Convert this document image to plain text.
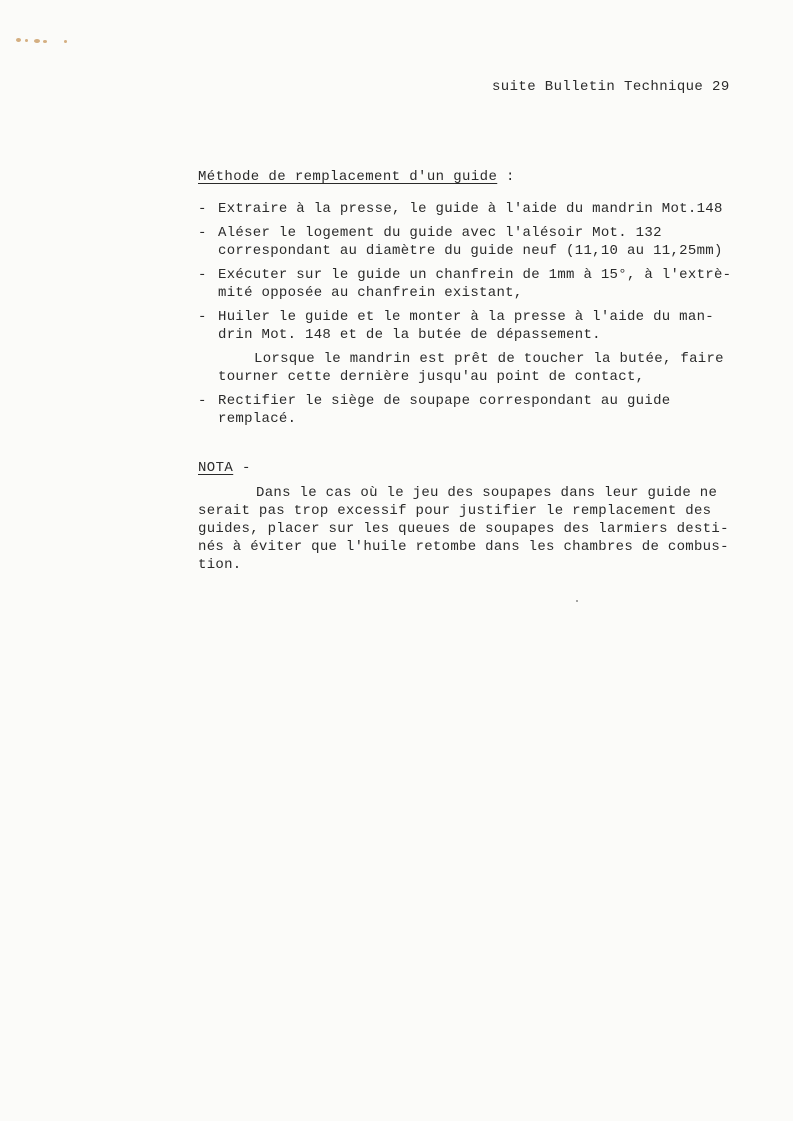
suite Bulletin Technique 29
Méthode de remplacement d'un guide :
- Extraire à la presse, le guide à l'aide du mandrin Mot.148
- Aléser le logement du guide avec l'alésoir Mot. 132
correspondant au diamètre du guide neuf (11,10 au 11,25mm)
- Exécuter sur le guide un chanfrein de 1mm à 15°, à l'extrè-
mité opposée au chanfrein existant,
- Huiler le guide et le monter à la presse à l'aide du man-
drin Mot. 148 et de la butée de dépassement.
Lorsque le mandrin est prêt de toucher la butée, faire
tourner cette dernière jusqu'au point de contact,
- Rectifier le siège de soupape correspondant au guide
remplacé.
NOTA -
Dans le cas où le jeu des soupapes dans leur guide ne
serait pas trop excessif pour justifier le remplacement des
guides, placer sur les queues de soupapes des larmiers desti-
nés à éviter que l'huile retombe dans les chambres de combus-
tion.
